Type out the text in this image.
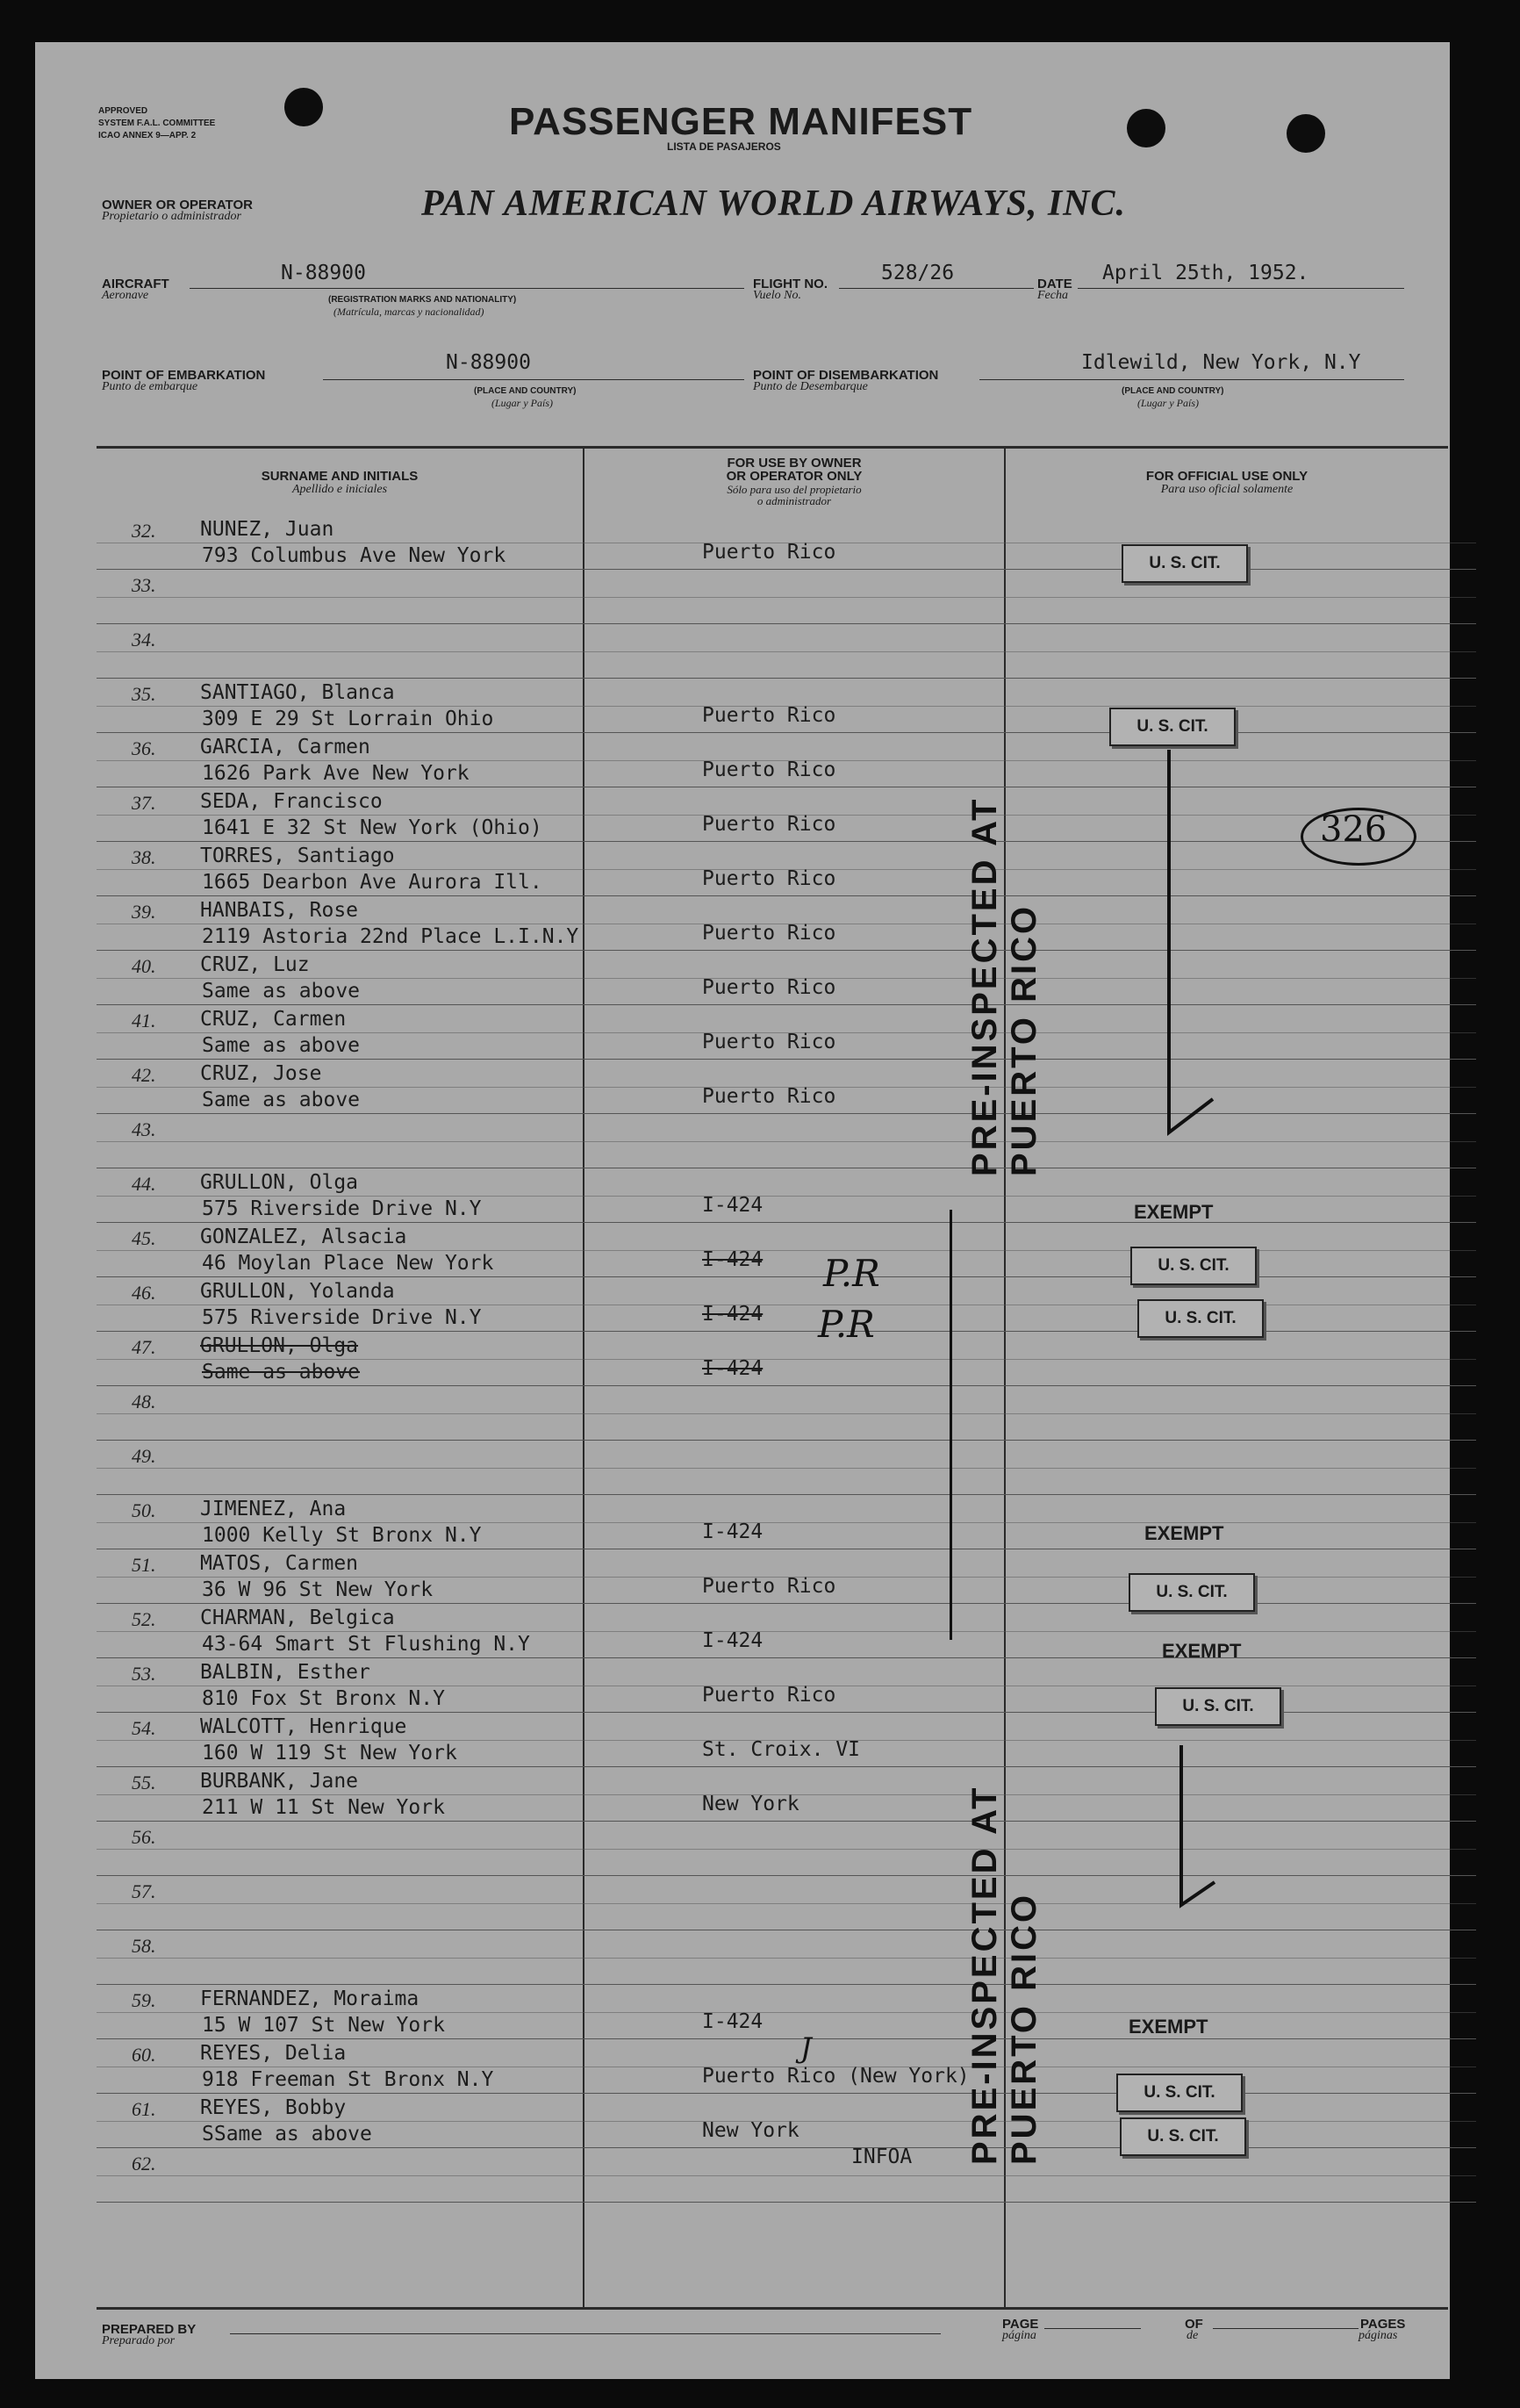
APPROVED
SYSTEM F.A.L. COMMITTEE
ICAO ANNEX 9—APP. 2	PASSENGER MANIFEST
LISTA DE PASAJEROS
OWNER OR OPERATOR
Propietario o administrador	PAN AMERICAN WORLD AIRWAYS, INC.
AIRCRAFT
Aeronave
N-88900
(REGISTRATION MARKS AND NATIONALITY)
(Matrícula, marcas y nacionalidad)
FLIGHT NO.
Vuelo No.
528/26	DATE
Fecha
April 25th, 1952.
POINT OF EMBARKATION
Punto de embarque
N-88900
(PLACE AND COUNTRY)
(Lugar y País)
POINT OF DISEMBARKATION
Punto de Desembarque
Idlewild, New York, N.Y
(PLACE AND COUNTRY)
(Lugar y País)
SURNAME AND INITIALS
Apellido e iniciales
FOR USE BY OWNER
OR OPERATOR ONLY
Sólo para uso del propietario
o administrador
FOR OFFICIAL USE ONLY
Para uso oficial solamente
32. NUNEZ, Juan
793 Columbus Ave New York	Puerto Rico
33.
34.
35. SANTIAGO, Blanca
309 E 29 St Lorrain Ohio	Puerto Rico
36. GARCIA, Carmen
1626 Park Ave New York	Puerto Rico
37. SEDA, Francisco
1641 E 32 St New York (Ohio)	Puerto Rico
38. TORRES, Santiago
1665 Dearbon Ave Aurora Ill.	Puerto Rico
39. HANBAIS, Rose
2119 Astoria 22nd Place L.I.N.Y	Puerto Rico
40. CRUZ, Luz
Same as above	Puerto Rico
41. CRUZ, Carmen
Same as above	Puerto Rico
42. CRUZ, Jose
Same as above	Puerto Rico
43.
44. GRULLON, Olga
575 Riverside Drive N.Y	I-424
45. GONZALEZ, Alsacia
46 Moylan Place New York	I-424
46. GRULLON, Yolanda
575 Riverside Drive N.Y	I-424
47. GRULLON, Olga
Same as above	I-424
48.
49.
50. JIMENEZ, Ana
1000 Kelly St Bronx N.Y	I-424
51. MATOS, Carmen
36 W 96 St New York	Puerto Rico
52. CHARMAN, Belgica
43-64 Smart St Flushing N.Y	I-424
53. BALBIN, Esther
810 Fox St Bronx N.Y	Puerto Rico
54. WALCOTT, Henrique
160 W 119 St New York	St. Croix. VI
55. BURBANK, Jane
211 W 11 St New York	New York
56.
57.
58.
59. FERNANDEZ, Moraima
15 W 107 St New York	I-424
60. REYES, Delia
918 Freeman St Bronx N.Y	Puerto Rico (New York)
61. REYES, Bobby
SSame as above	New York
62.	INFOA
PRE-INSPECTED AT PUERTO RICO
PRE-INSPECTED AT PUERTO RICO
U. S. CIT.
U. S. CIT.
EXEMPT
U. S. CIT.
U. S. CIT.
EXEMPT
U. S. CIT.
EXEMPT
U. S. CIT.
EXEMPT
U. S. CIT.
U. S. CIT.
326
P.R
P.R
J
PREPARED BY
Preparado por
PAGE
página
OF
de
PAGES
páginas
